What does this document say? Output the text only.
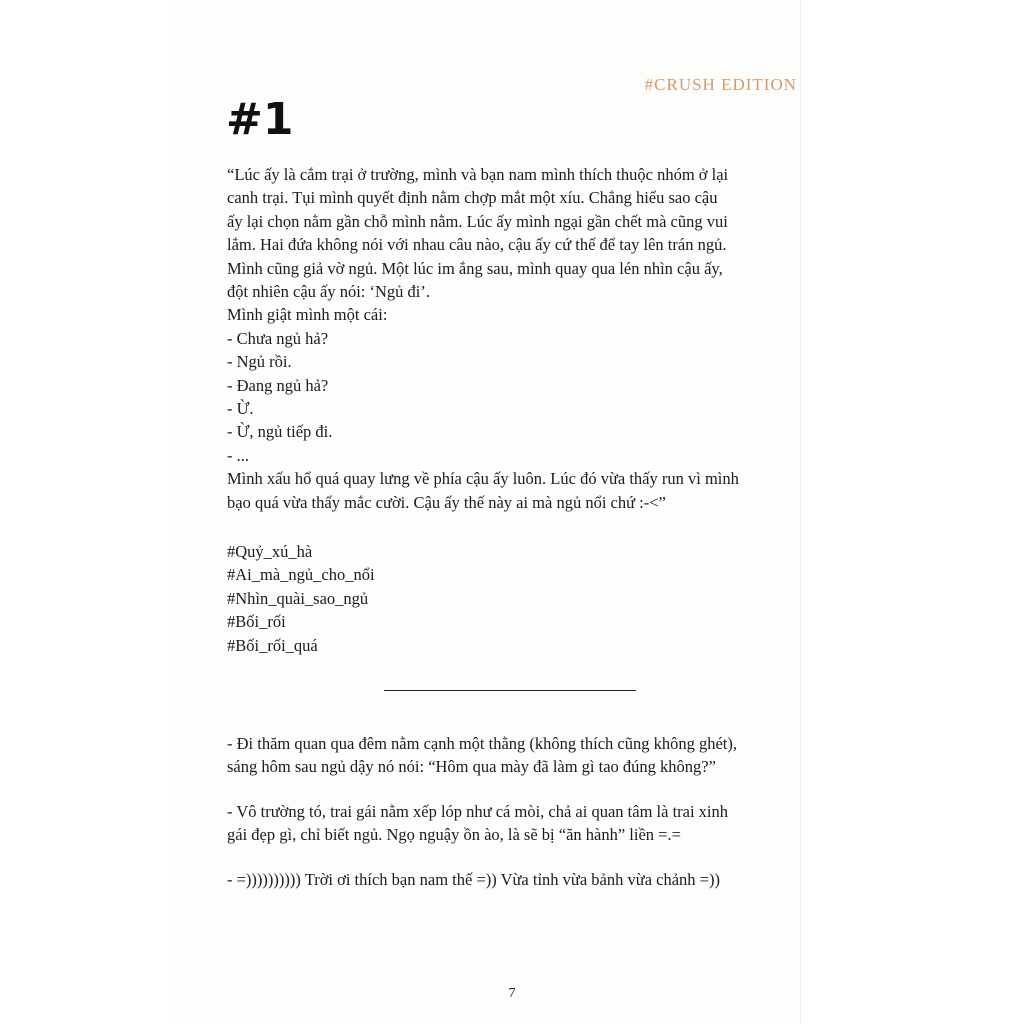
#CRUSH EDITION
#1
“Lúc ấy là cắm trại ở trường, mình và bạn nam mình thích thuộc nhóm ở lại
canh trại. Tụi mình quyết định nằm chợp mắt một xíu. Chẳng hiểu sao cậu
ấy lại chọn nằm gần chỗ mình nằm. Lúc ấy mình ngại gần chết mà cũng vui
lắm. Hai đứa không nói với nhau câu nào, cậu ấy cứ thế để tay lên trán ngủ.
Mình cũng giả vờ ngủ. Một lúc im ắng sau, mình quay qua lén nhìn cậu ấy,
đột nhiên cậu ấy nói: ‘Ngủ đi’.
Mình giật mình một cái:
- Chưa ngủ hả?
- Ngủ rồi.
- Đang ngủ hả?
- Ừ.
- Ừ, ngủ tiếp đi.
- ...
Mình xấu hổ quá quay lưng về phía cậu ấy luôn. Lúc đó vừa thấy run vì mình
bạo quá vừa thấy mắc cười. Cậu ấy thế này ai mà ngủ nổi chứ :-<”
#Quỷ_xú_hà
#Ai_mà_ngủ_cho_nổi
#Nhìn_quài_sao_ngủ
#Bối_rối
#Bối_rối_quá
- Đi thăm quan qua đêm nằm cạnh một thằng (không thích cũng không ghét),
sáng hôm sau ngủ dậy nó nói: “Hôm qua mày đã làm gì tao đúng không?”
- Vô trường tó, trai gái nằm xếp lóp như cá mòi, chả ai quan tâm là trai xinh
gái đẹp gì, chỉ biết ngủ. Ngọ nguậy ồn ào, là sẽ bị “ăn hành” liền =.=
- =)))))))))) Trời ơi thích bạn nam thế =)) Vừa tỉnh vừa bảnh vừa chảnh =))
7
